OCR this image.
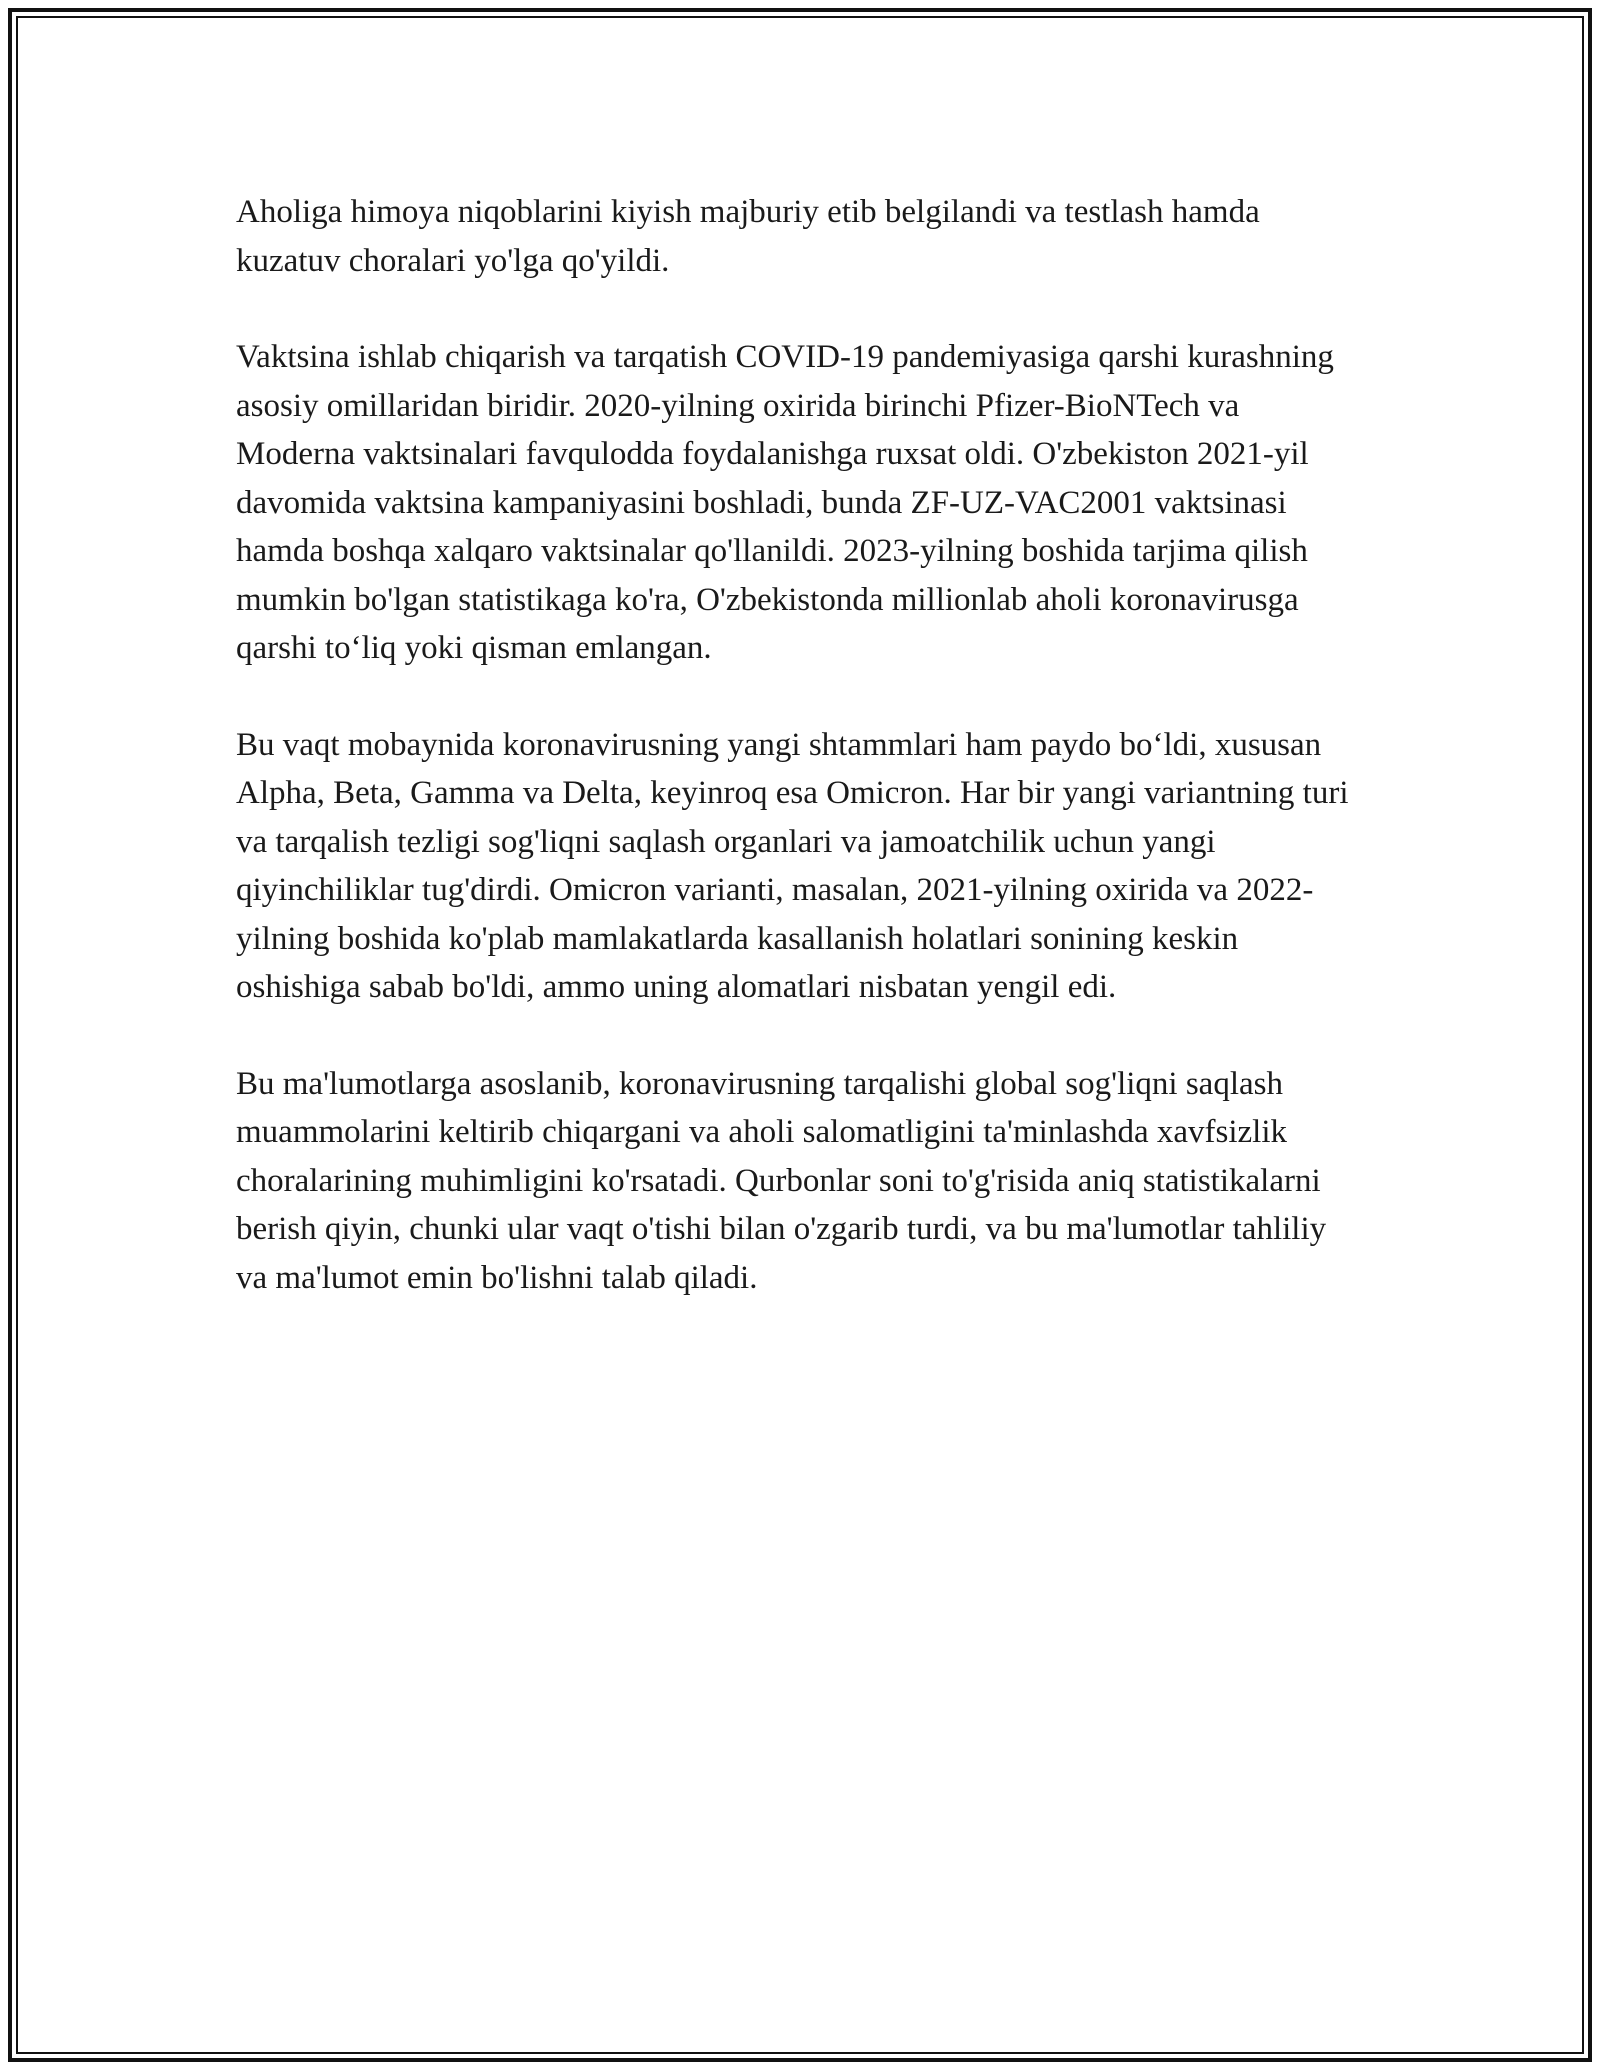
Aholiga himoya niqoblarini kiyish majburiy etib belgilandi va testlash hamda kuzatuv choralari yo'lga qo'yildi.

Vaktsina ishlab chiqarish va tarqatish COVID-19 pandemiyasiga qarshi kurashning asosiy omillaridan biridir. 2020-yilning oxirida birinchi Pfizer-BioNTech va Moderna vaktsinalari favqulodda foydalanishga ruxsat oldi. O'zbekiston 2021-yil davomida vaktsina kampaniyasini boshladi, bunda ZF-UZ-VAC2001 vaktsinasi hamda boshqa xalqaro vaktsinalar qo'llanildi. 2023-yilning boshida tarjima qilish mumkin bo'lgan statistikaga ko'ra, O'zbekistonda millionlab aholi koronavirusga qarshi to‘liq yoki qisman emlangan.

Bu vaqt mobaynida koronavirusning yangi shtammlari ham paydo bo‘ldi, xususan Alpha, Beta, Gamma va Delta, keyinroq esa Omicron. Har bir yangi variantning turi va tarqalish tezligi sog'liqni saqlash organlari va jamoatchilik uchun yangi qiyinchiliklar tug'dirdi. Omicron varianti, masalan, 2021-yilning oxirida va 2022-yilning boshida ko'plab mamlakatlarda kasallanish holatlari sonining keskin oshishiga sabab bo'ldi, ammo uning alomatlari nisbatan yengil edi.

Bu ma'lumotlarga asoslanib, koronavirusning tarqalishi global sog'liqni saqlash muammolarini keltirib chiqargani va aholi salomatligini ta'minlashda xavfsizlik choralarining muhimligini ko'rsatadi. Qurbonlar soni to'g'risida aniq statistikalarni berish qiyin, chunki ular vaqt o'tishi bilan o'zgarib turdi, va bu ma'lumotlar tahliliy va ma'lumot emin bo'lishni talab qiladi.
